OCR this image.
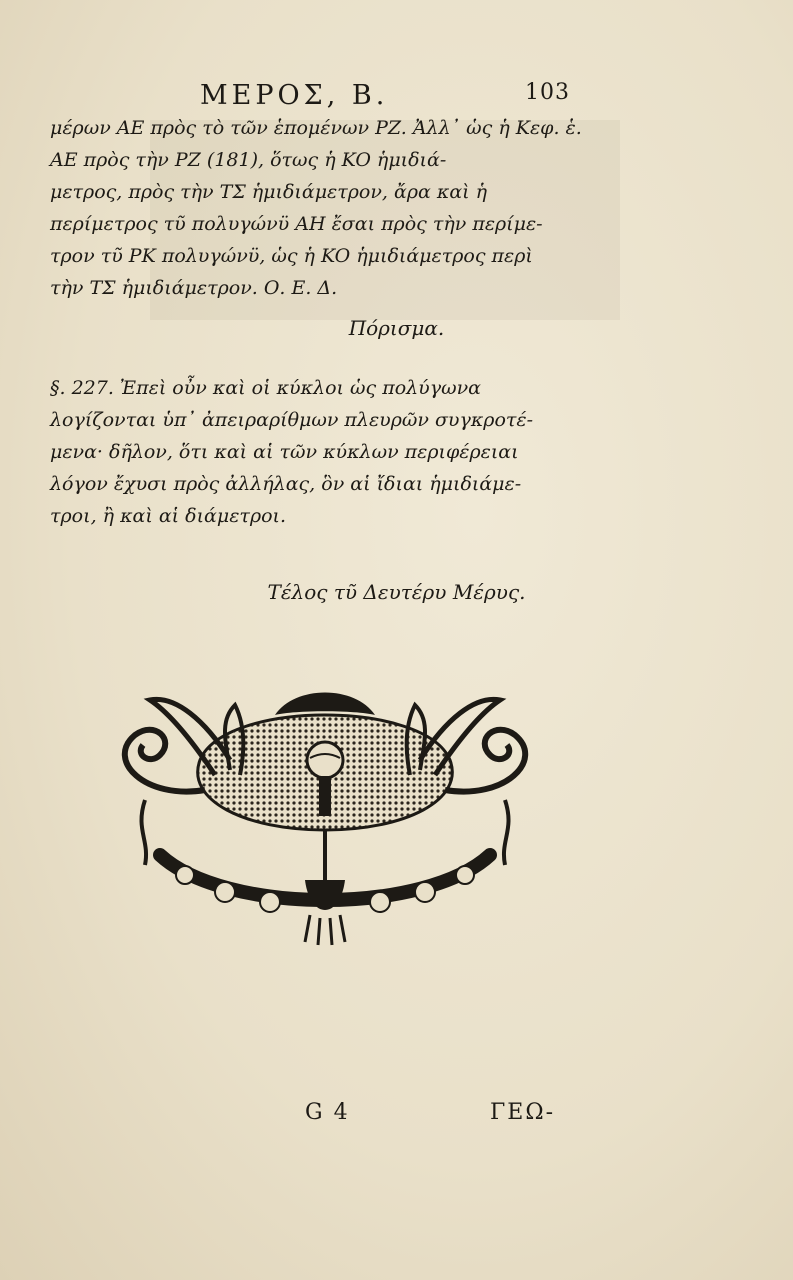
ΜΕΡΟΣ, Β.	103
μέρων AE πρὸς τὸ τῶν ἑπομένων PZ. Ἀλλ᾽ ὡς ἡ Κεφ. ἑ.
AE πρὸς τὴν PZ (181), ὅτως ἡ KO ἡμιδιά-
μετρος, πρὸς τὴν ΤΣ ἡμιδιάμετρον, ἄρα καὶ ἡ
περίμετρος τῦ πολυγώνϋ AH ἔσαι πρὸς τὴν περίμε-
τρον τῦ PK πολυγώνϋ, ὡς ἡ KO ἡμιδιάμετρος περὶ
τὴν ΤΣ ἡμιδιάμετρον. Ο. Ε. Δ.
Πόρισμα.
§. 227. Ἐπεὶ οὖν καὶ οἱ κύκλοι ὡς πολύγωνα
λογίζονται ὑπ᾽ ἀπειραρίθμων πλευρῶν συγκροτέ-
μενα· δῆλον, ὅτι καὶ αἱ τῶν κύκλων περιφέρειαι
λόγον ἔχυσι πρὸς ἀλλήλας, ὃν αἱ ἴδιαι ἡμιδιάμε-
τροι, ἢ καὶ αἱ διάμετροι.
Τέλος τῦ Δευτέρυ Μέρυς.
G 4	ΓΕΩ-
